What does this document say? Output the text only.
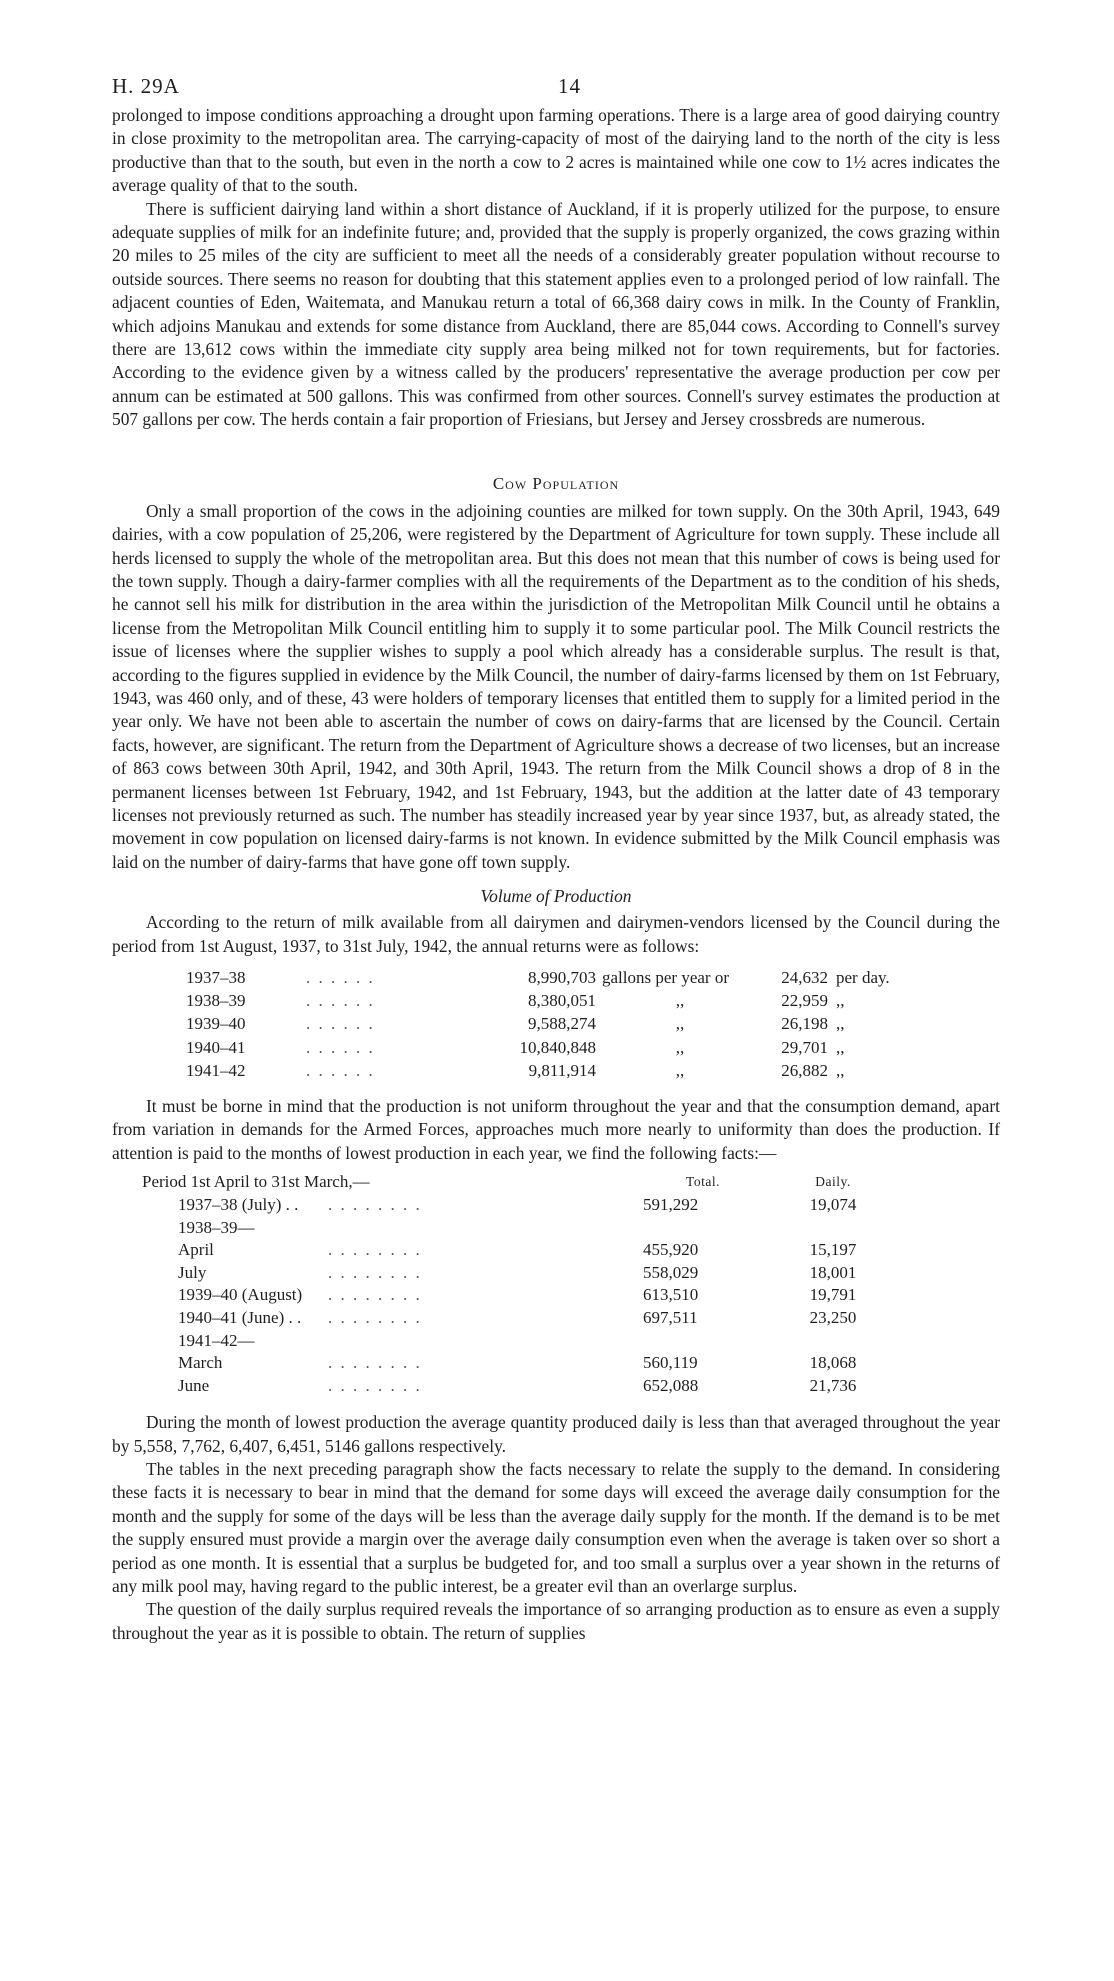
H. 29A	14

prolonged to impose conditions approaching a drought upon farming operations. There is a large area of good dairying country in close proximity to the metropolitan area. The carrying-capacity of most of the dairying land to the north of the city is less productive than that to the south, but even in the north a cow to 2 acres is maintained while one cow to 1½ acres indicates the average quality of that to the south.

There is sufficient dairying land within a short distance of Auckland, if it is properly utilized for the purpose, to ensure adequate supplies of milk for an indefinite future; and, provided that the supply is properly organized, the cows grazing within 20 miles to 25 miles of the city are sufficient to meet all the needs of a considerably greater population without recourse to outside sources. There seems no reason for doubting that this statement applies even to a prolonged period of low rainfall. The adjacent counties of Eden, Waitemata, and Manukau return a total of 66,368 dairy cows in milk. In the County of Franklin, which adjoins Manukau and extends for some distance from Auckland, there are 85,044 cows. According to Connell's survey there are 13,612 cows within the immediate city supply area being milked not for town requirements, but for factories. According to the evidence given by a witness called by the producers' representative the average production per cow per annum can be estimated at 500 gallons. This was confirmed from other sources. Connell's survey estimates the production at 507 gallons per cow. The herds contain a fair proportion of Friesians, but Jersey and Jersey crossbreds are numerous.

Cow Population

Only a small proportion of the cows in the adjoining counties are milked for town supply. On the 30th April, 1943, 649 dairies, with a cow population of 25,206, were registered by the Department of Agriculture for town supply. These include all herds licensed to supply the whole of the metropolitan area. But this does not mean that this number of cows is being used for the town supply. Though a dairy-farmer complies with all the requirements of the Department as to the condition of his sheds, he cannot sell his milk for distribution in the area within the jurisdiction of the Metropolitan Milk Council until he obtains a license from the Metropolitan Milk Council entitling him to supply it to some particular pool. The Milk Council restricts the issue of licenses where the supplier wishes to supply a pool which already has a considerable surplus. The result is that, according to the figures supplied in evidence by the Milk Council, the number of dairy-farms licensed by them on 1st February, 1943, was 460 only, and of these, 43 were holders of temporary licenses that entitled them to supply for a limited period in the year only. We have not been able to ascertain the number of cows on dairy-farms that are licensed by the Council. Certain facts, however, are significant. The return from the Department of Agriculture shows a decrease of two licenses, but an increase of 863 cows between 30th April, 1942, and 30th April, 1943. The return from the Milk Council shows a drop of 8 in the permanent licenses between 1st February, 1942, and 1st February, 1943, but the addition at the latter date of 43 temporary licenses not previously returned as such. The number has steadily increased year by year since 1937, but, as already stated, the movement in cow population on licensed dairy-farms is not known. In evidence submitted by the Milk Council emphasis was laid on the number of dairy-farms that have gone off town supply.

Volume of Production

According to the return of milk available from all dairymen and dairymen-vendors licensed by the Council during the period from 1st August, 1937, to 31st July, 1942, the annual returns were as follows:

1937–38	. . . . . .	8,990,703	gallons per year or	24,632	per day.
1938–39	. . . . . .	8,380,051	,,	22,959	,,
1939–40	. . . . . .	9,588,274	,,	26,198	,,
1940–41	. . . . . .	10,840,848	,,	29,701	,,
1941–42	. . . . . .	9,811,914	,,	26,882	,,

It must be borne in mind that the production is not uniform throughout the year and that the consumption demand, apart from variation in demands for the Armed Forces, approaches much more nearly to uniformity than does the production. If attention is paid to the months of lowest production in each year, we find the following facts:—

Period 1st April to 31st March,—		Total.	Daily.
1937–38 (July) . .	. . . . . . . .	591,292	19,074
1938–39—			
April	. . . . . . . .	455,920	15,197
July	. . . . . . . .	558,029	18,001
1939–40 (August)	. . . . . . . .	613,510	19,791
1940–41 (June) . .	. . . . . . . .	697,511	23,250
1941–42—			
March	. . . . . . . .	560,119	18,068
June	. . . . . . . .	652,088	21,736

During the month of lowest production the average quantity produced daily is less than that averaged throughout the year by 5,558, 7,762, 6,407, 6,451, 5146 gallons respectively.

The tables in the next preceding paragraph show the facts necessary to relate the supply to the demand. In considering these facts it is necessary to bear in mind that the demand for some days will exceed the average daily consumption for the month and the supply for some of the days will be less than the average daily supply for the month. If the demand is to be met the supply ensured must provide a margin over the average daily consumption even when the average is taken over so short a period as one month. It is essential that a surplus be budgeted for, and too small a surplus over a year shown in the returns of any milk pool may, having regard to the public interest, be a greater evil than an overlarge surplus.

The question of the daily surplus required reveals the importance of so arranging production as to ensure as even a supply throughout the year as it is possible to obtain. The return of supplies
